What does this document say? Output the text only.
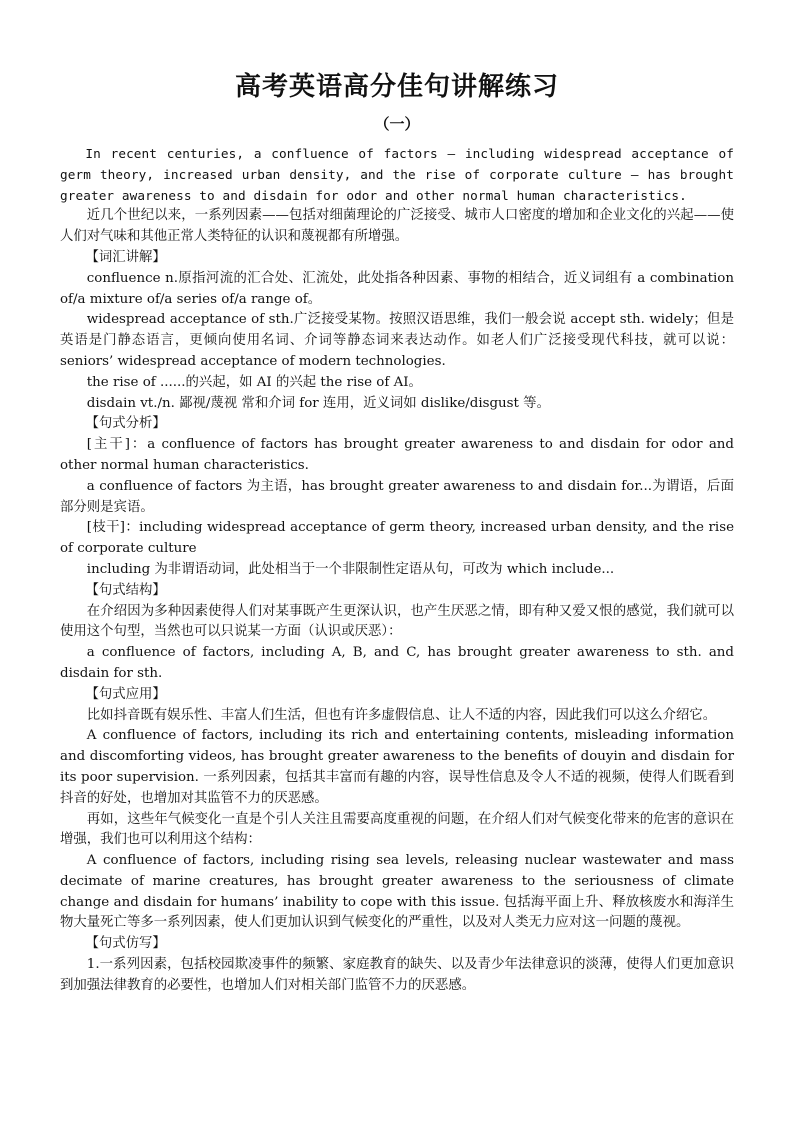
高考英语高分佳句讲解练习
（一）

In recent centuries, a confluence of factors — including widespread acceptance of germ theory, increased urban density, and the rise of corporate culture — has brought greater awareness to and disdain for odor and other normal human characteristics.

近几个世纪以来，一系列因素——包括对细菌理论的广泛接受、城市人口密度的增加和企业文化的兴起——使人们对气味和其他正常人类特征的认识和蔑视都有所增强。

【词汇讲解】

confluence n.原指河流的汇合处、汇流处，此处指各种因素、事物的相结合，近义词组有 a combination of/a mixture of/a series of/a range of。

widespread acceptance of sth.广泛接受某物。按照汉语思维，我们一般会说 accept sth. widely；但是英语是门静态语言，更倾向使用名词、介词等静态词来表达动作。如老人们广泛接受现代科技，就可以说：seniors’ widespread acceptance of modern technologies.

the rise of ......的兴起，如 AI 的兴起 the rise of AI。

disdain vt./n. 鄙视/蔑视 常和介词 for 连用，近义词如 dislike/disgust 等。

【句式分析】

[主干]：a confluence of factors has brought greater awareness to and disdain for odor and other normal human characteristics.

a confluence of factors 为主语，has brought greater awareness to and disdain for...为谓语，后面部分则是宾语。

[枝干]：including widespread acceptance of germ theory, increased urban density, and the rise of corporate culture

including 为非谓语动词，此处相当于一个非限制性定语从句，可改为 which include...

【句式结构】

在介绍因为多种因素使得人们对某事既产生更深认识，也产生厌恶之情，即有种又爱又恨的感觉，我们就可以使用这个句型，当然也可以只说某一方面（认识或厌恶）：

a confluence of factors, including A, B, and C, has brought greater awareness to sth. and disdain for sth.

【句式应用】

比如抖音既有娱乐性、丰富人们生活，但也有许多虚假信息、让人不适的内容，因此我们可以这么介绍它。

A confluence of factors, including its rich and entertaining contents, misleading information and discomforting videos, has brought greater awareness to the benefits of douyin and disdain for its poor supervision. 一系列因素，包括其丰富而有趣的内容，误导性信息及令人不适的视频，使得人们既看到抖音的好处，也增加对其监管不力的厌恶感。

再如，这些年气候变化一直是个引人关注且需要高度重视的问题，在介绍人们对气候变化带来的危害的意识在增强，我们也可以利用这个结构：

A confluence of factors, including rising sea levels, releasing nuclear wastewater and mass decimate of marine creatures, has brought greater awareness to the seriousness of climate change and disdain for humans’ inability to cope with this issue. 包括海平面上升、释放核废水和海洋生物大量死亡等多一系列因素，使人们更加认识到气候变化的严重性，以及对人类无力应对这一问题的蔑视。

【句式仿写】

1.一系列因素，包括校园欺凌事件的频繁、家庭教育的缺失、以及青少年法律意识的淡薄，使得人们更加意识到加强法律教育的必要性，也增加人们对相关部门监管不力的厌恶感。
